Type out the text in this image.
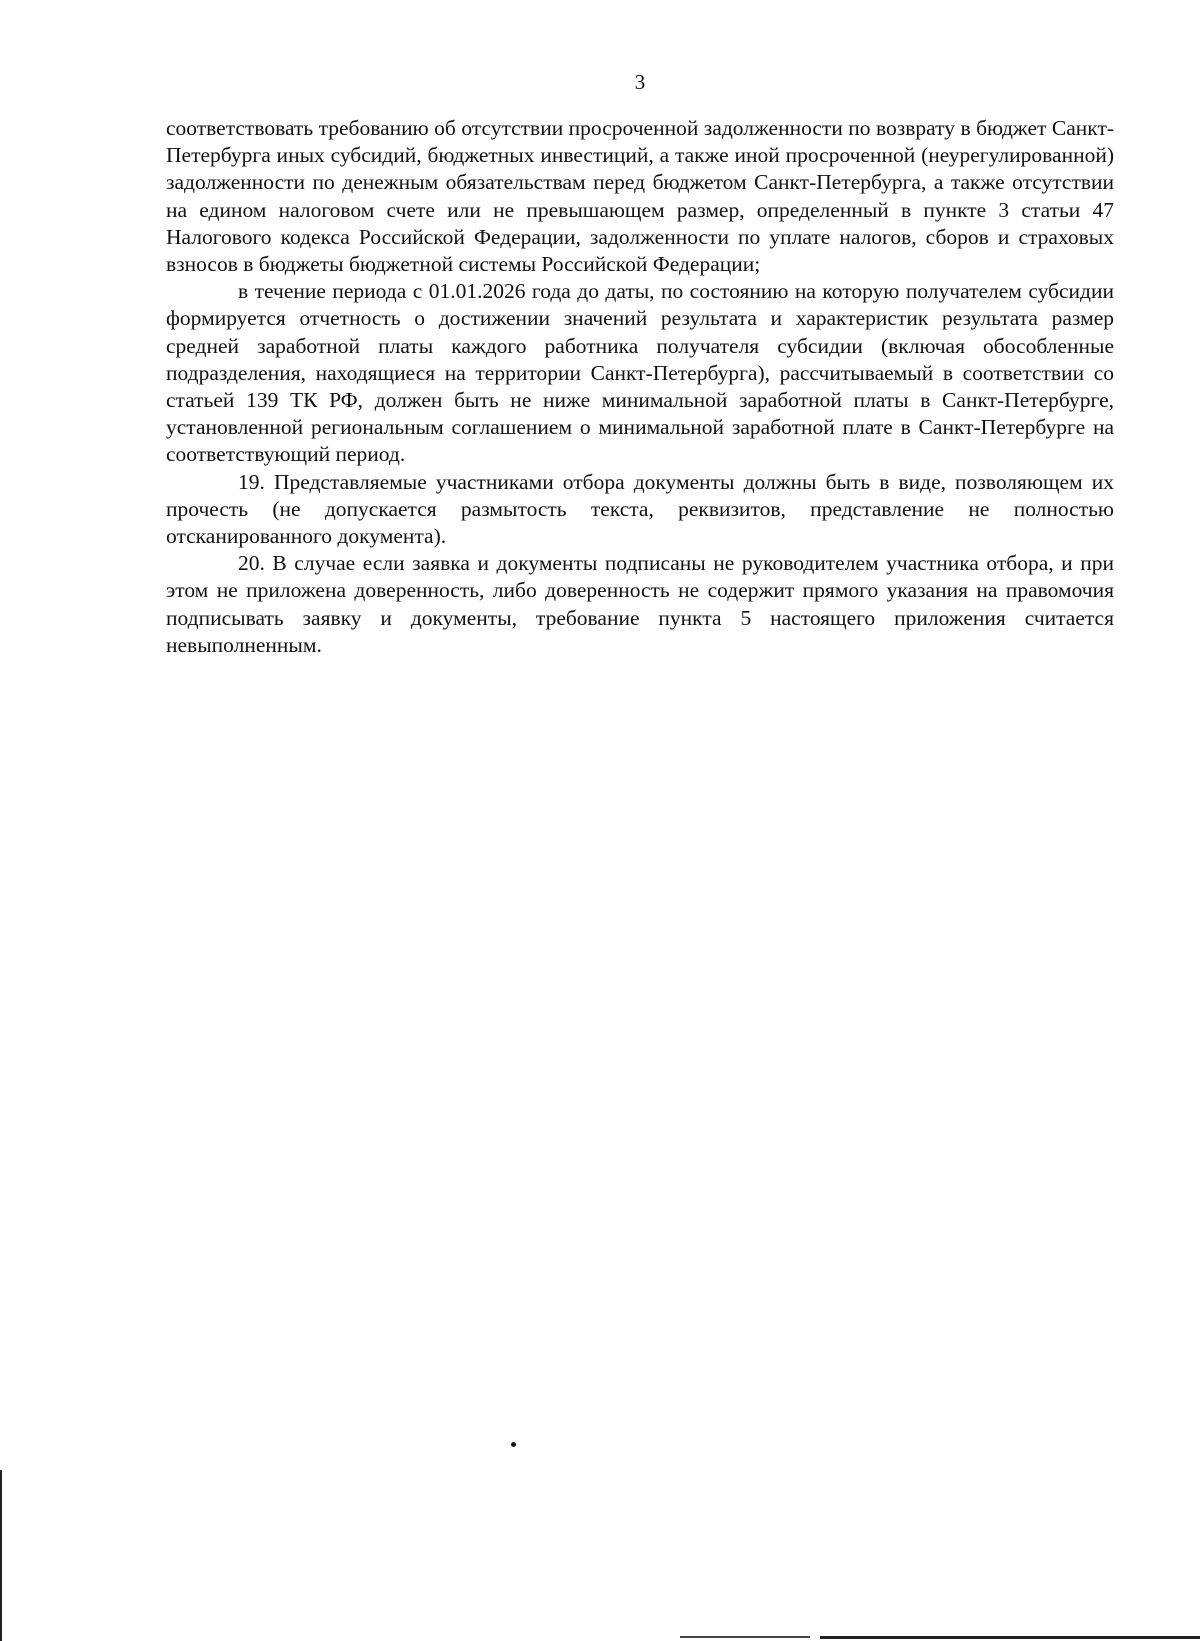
3

соответствовать требованию об отсутствии просроченной задолженности по возврату в бюджет Санкт-Петербурга иных субсидий, бюджетных инвестиций, а также иной просроченной (неурегулированной) задолженности по денежным обязательствам перед бюджетом Санкт-Петербурга, а также отсутствии на едином налоговом счете или не превышающем размер, определенный в пункте 3 статьи 47 Налогового кодекса Российской Федерации, задолженности по уплате налогов, сборов и страховых взносов в бюджеты бюджетной системы Российской Федерации;

в течение периода с 01.01.2026 года до даты, по состоянию на которую получателем субсидии формируется отчетность о достижении значений результата и характеристик результата размер средней заработной платы каждого работника получателя субсидии (включая обособленные подразделения, находящиеся на территории Санкт-Петербурга), рассчитываемый в соответствии со статьей 139 ТК РФ, должен быть не ниже минимальной заработной платы в Санкт-Петербурге, установленной региональным соглашением о минимальной заработной плате в Санкт-Петербурге на соответствующий период.

19. Представляемые участниками отбора документы должны быть в виде, позволяющем их прочесть (не допускается размытость текста, реквизитов, представление не полностью отсканированного документа).

20. В случае если заявка и документы подписаны не руководителем участника отбора, и при этом не приложена доверенность, либо доверенность не содержит прямого указания на правомочия подписывать заявку и документы, требование пункта 5 настоящего приложения считается невыполненным.
